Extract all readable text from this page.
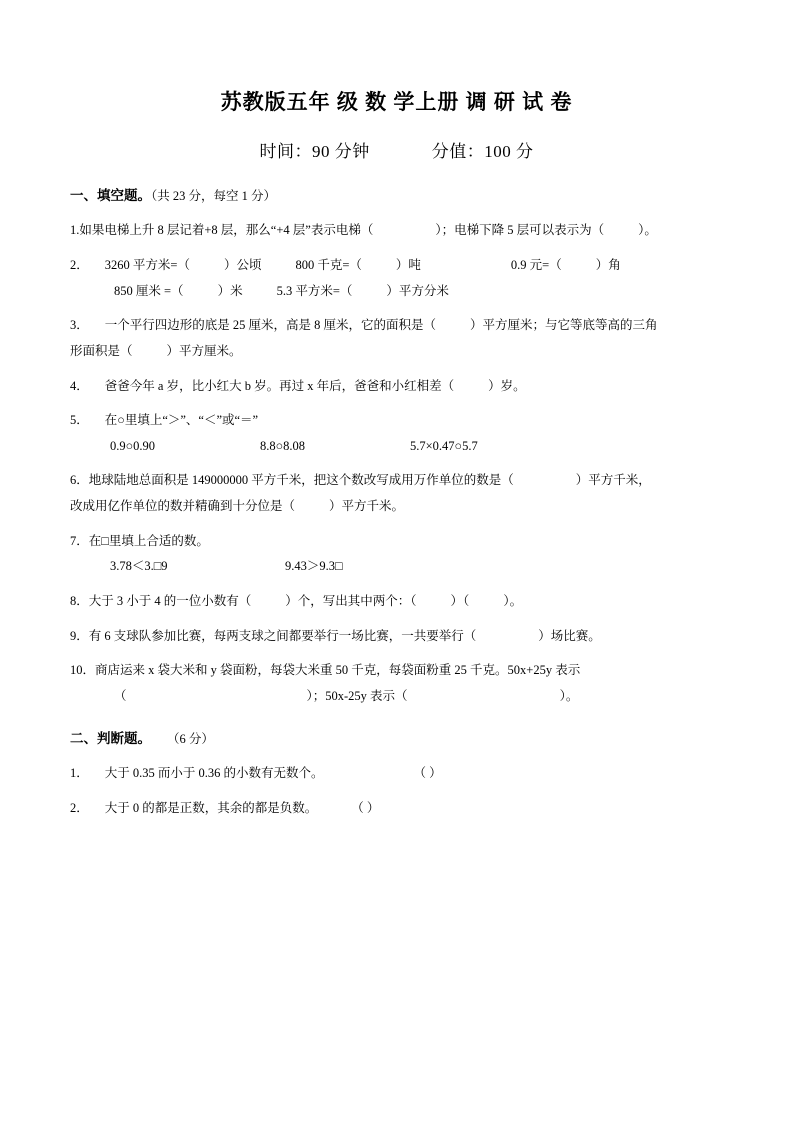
苏教版五年 级 数 学上册 调 研 试 卷
时间：90 分钟	分值：100 分
一、填空题。（共 23 分，每空 1 分）
1.如果电梯上升 8 层记着+8 层，那么“+4 层”表示电梯（	）；电梯下降 5 层可以表示为（	）。
2． 3260 平方米=（	）公顷	800 千克=（	）吨	0.9 元=（	）角
850 厘米 =（	）米	5.3 平方米=（	）平方分米
3． 一个平行四边形的底是 25 厘米，高是 8 厘米，它的面积是（	）平方厘米；与它等底等高的三角
形面积是（	）平方厘米。
4． 爸爸今年 a 岁，比小红大 b 岁。再过 x 年后，爸爸和小红相差（	）岁。
5． 在○里填上“＞”、“＜”或“＝”
0.9○0.90	8.8○8.08	5.7×0.47○5.7
6．地球陆地总面积是 149000000 平方千米，把这个数改写成用万作单位的数是（	）平方千米，
改成用亿作单位的数并精确到十分位是（	）平方千米。
7．在□里填上合适的数。
3.78＜3.□9	9.43＞9.3□
8．大于 3 小于 4 的一位小数有（	）个，写出其中两个：（	）（	）。
9．有 6 支球队参加比赛，每两支球之间都要举行一场比赛，一共要举行（	）场比赛。
10．商店运来 x 袋大米和 y 袋面粉，每袋大米重 50 千克，每袋面粉重 25 千克。50x+25y 表示
（	）；50x-25y 表示（	）。
二、判断题。 （6 分）
1． 大于 0.35 而小于 0.36 的小数有无数个。	（ ）
2． 大于 0 的都是正数，其余的都是负数。	（ ）
